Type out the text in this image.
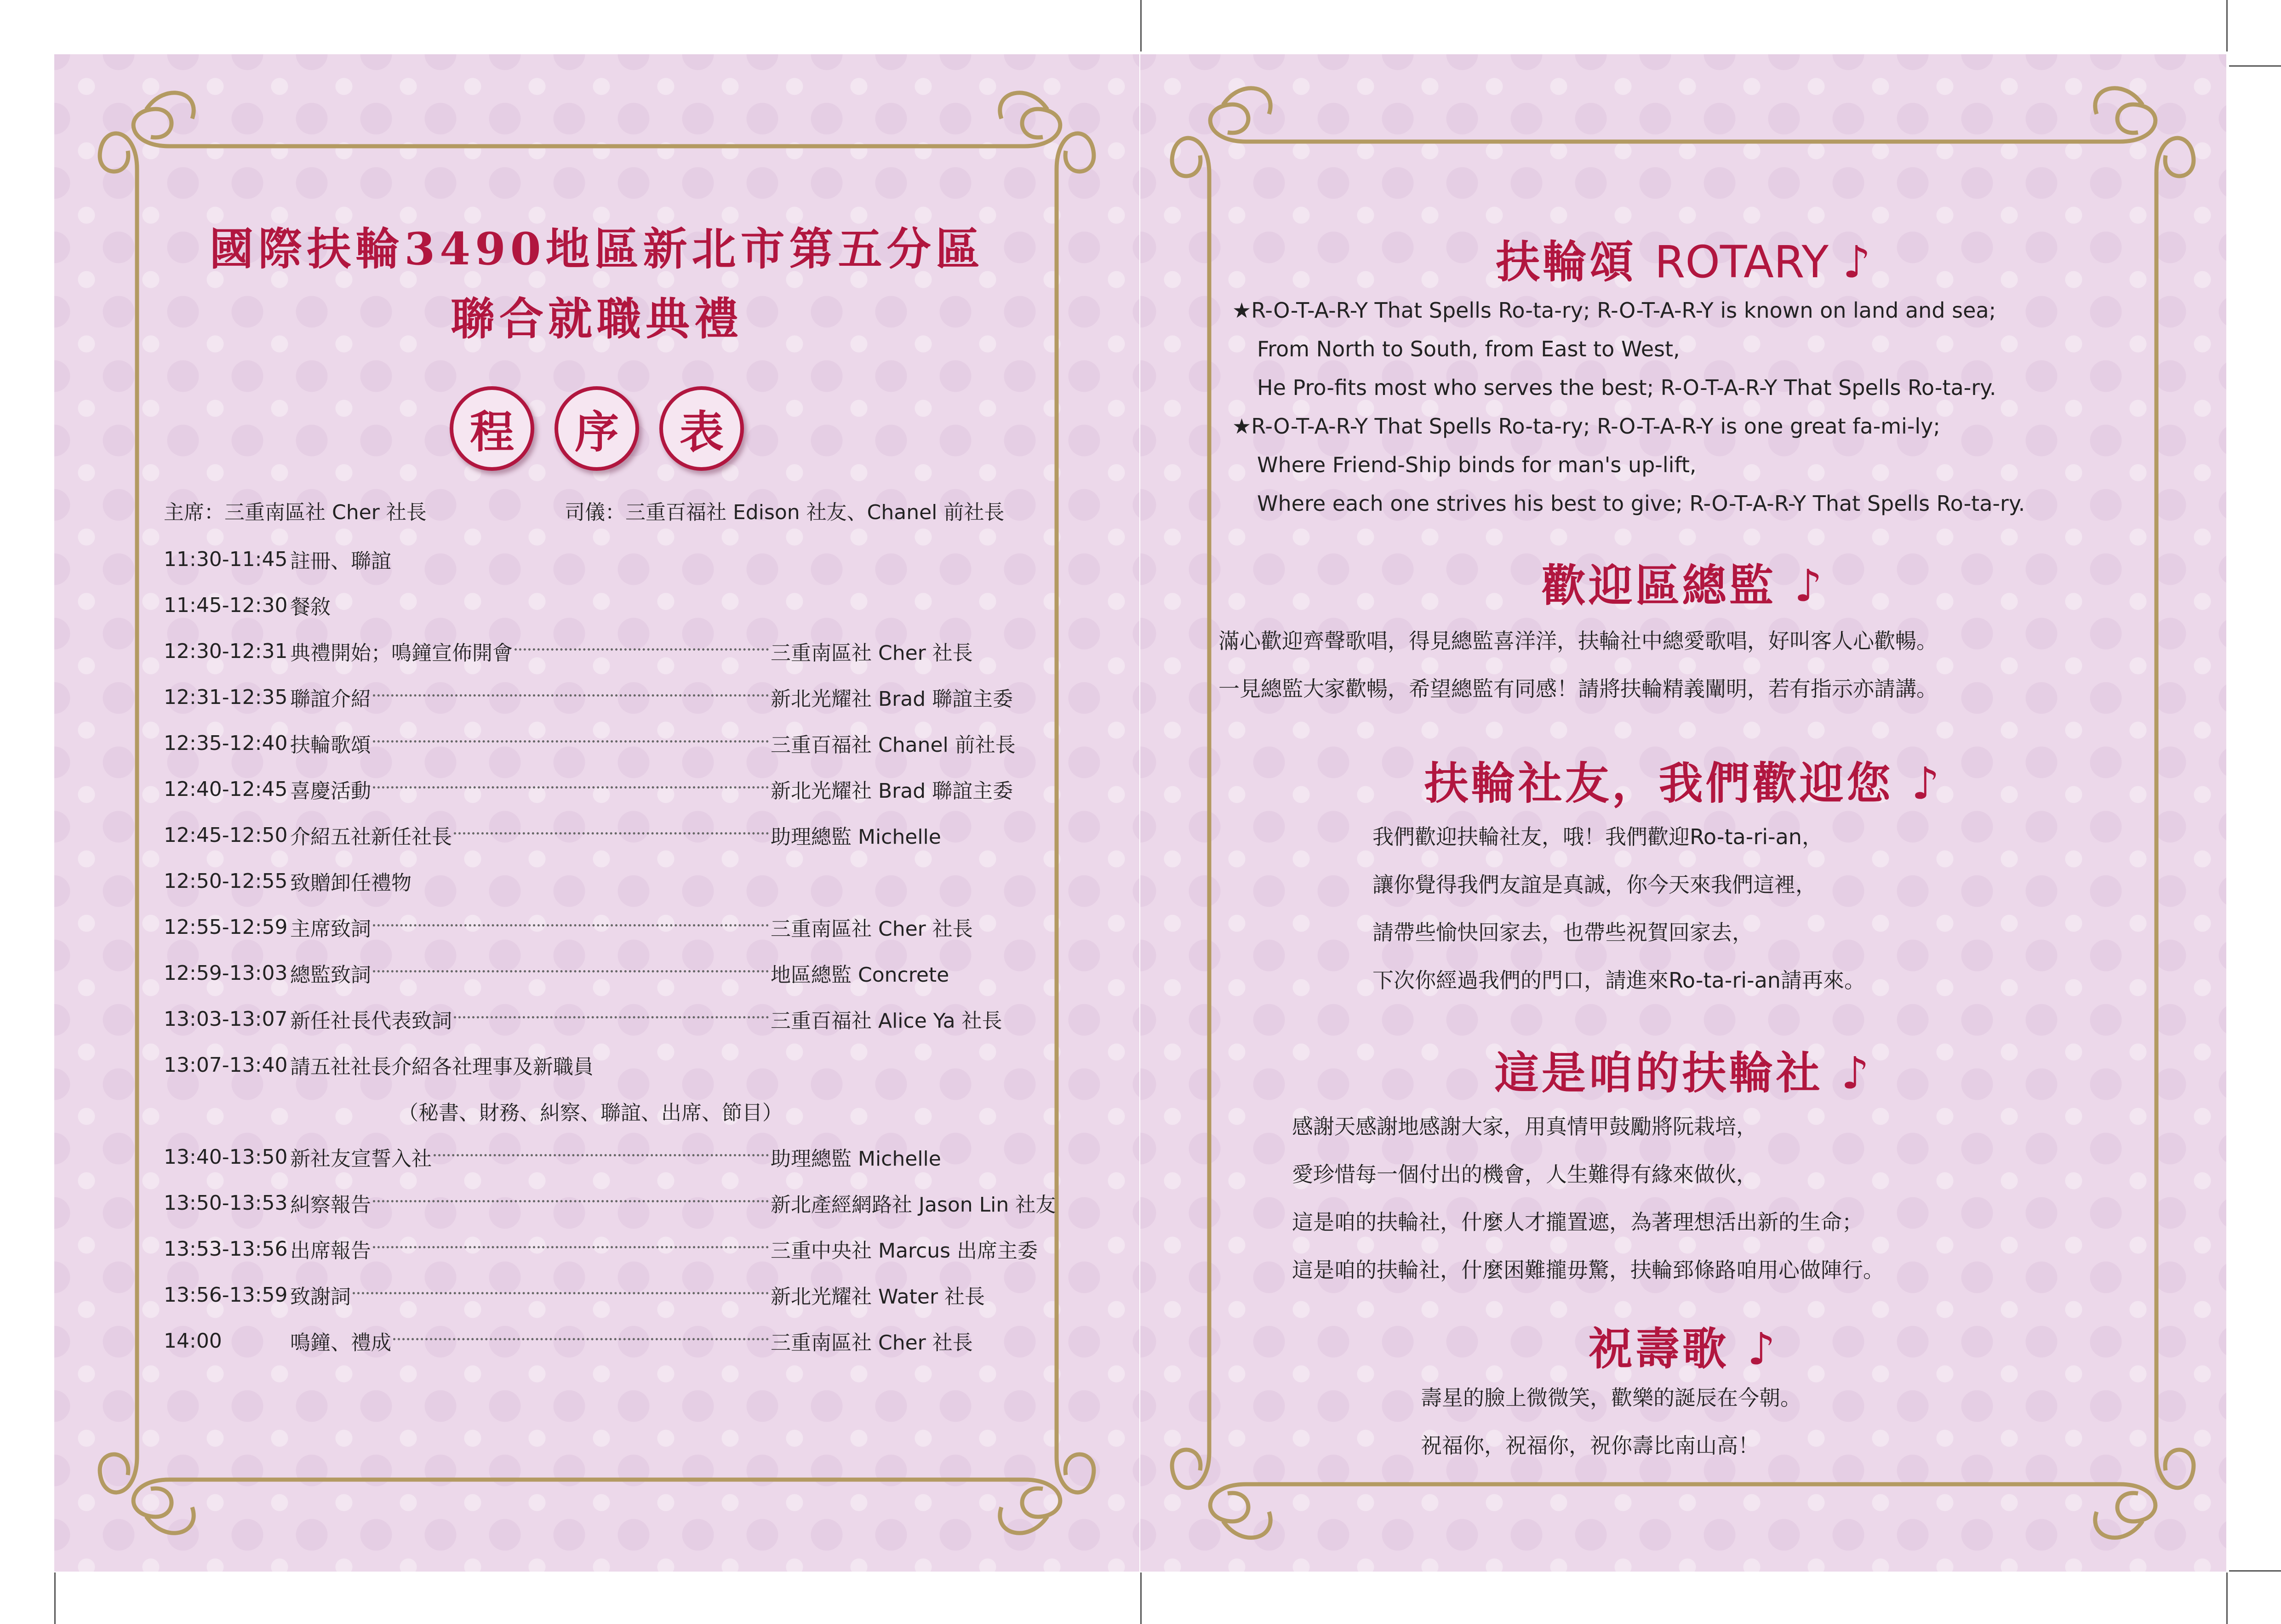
國際扶輪3490地區新北市第五分區
聯合就職典禮
程	序	表
主席：三重南區社 Cher 社長	司儀：三重百福社 Edison 社友、Chanel 前社長
11:30-11:45 註冊、聯誼
11:45-12:30 餐敘
12:30-12:31 典禮開始；鳴鐘宣佈開會	三重南區社 Cher 社長
12:31-12:35 聯誼介紹	新北光耀社 Brad 聯誼主委
12:35-12:40 扶輪歌頌	三重百福社 Chanel 前社長
12:40-12:45 喜慶活動	新北光耀社 Brad 聯誼主委
12:45-12:50 介紹五社新任社長	助理總監 Michelle
12:50-12:55 致贈卸任禮物
12:55-12:59 主席致詞	三重南區社 Cher 社長
12:59-13:03 總監致詞	地區總監 Concrete
13:03-13:07 新任社長代表致詞	三重百福社 Alice Ya 社長
13:07-13:40 請五社社長介紹各社理事及新職員
（秘書、財務、糾察、聯誼、出席、節目）
13:40-13:50 新社友宣誓入社	助理總監 Michelle
13:50-13:53 糾察報告	新北產經網路社 Jason Lin 社友
13:53-13:56 出席報告	三重中央社 Marcus 出席主委
13:56-13:59 致謝詞	新北光耀社 Water 社長
14:00	鳴鐘、禮成	三重南區社 Cher 社長
扶輪頌 ROTARY ♪
★R-O-T-A-R-Y That Spells Ro-ta-ry; R-O-T-A-R-Y is known on land and sea;
From North to South, from East to West,
He Pro-fits most who serves the best; R-O-T-A-R-Y That Spells Ro-ta-ry.
★R-O-T-A-R-Y That Spells Ro-ta-ry; R-O-T-A-R-Y is one great fa-mi-ly;
Where Friend-Ship binds for man's up-lift,
Where each one strives his best to give; R-O-T-A-R-Y That Spells Ro-ta-ry.
歡迎區總監 ♪
滿心歡迎齊聲歌唱，得見總監喜洋洋，扶輪社中總愛歌唱，好叫客人心歡暢。
一見總監大家歡暢，希望總監有同感！請將扶輪精義闡明，若有指示亦請講。
扶輪社友，我們歡迎您 ♪
我們歡迎扶輪社友，哦！我們歡迎Ro-ta-ri-an，
讓你覺得我們友誼是真誠，你今天來我們這裡，
請帶些愉快回家去，也帶些祝賀回家去，
下次你經過我們的門口，請進來Ro-ta-ri-an請再來。
這是咱的扶輪社 ♪
感謝天感謝地感謝大家，用真情甲鼓勵將阮栽培，
愛珍惜每一個付出的機會，人生難得有緣來做伙，
這是咱的扶輪社，什麼人才攏置遮，為著理想活出新的生命；
這是咱的扶輪社，什麼困難攏毋驚，扶輪郅條路咱用心做陣行。
祝壽歌 ♪
壽星的臉上微微笑，歡樂的誕辰在今朝。
祝福你，祝福你，祝你壽比南山高！
